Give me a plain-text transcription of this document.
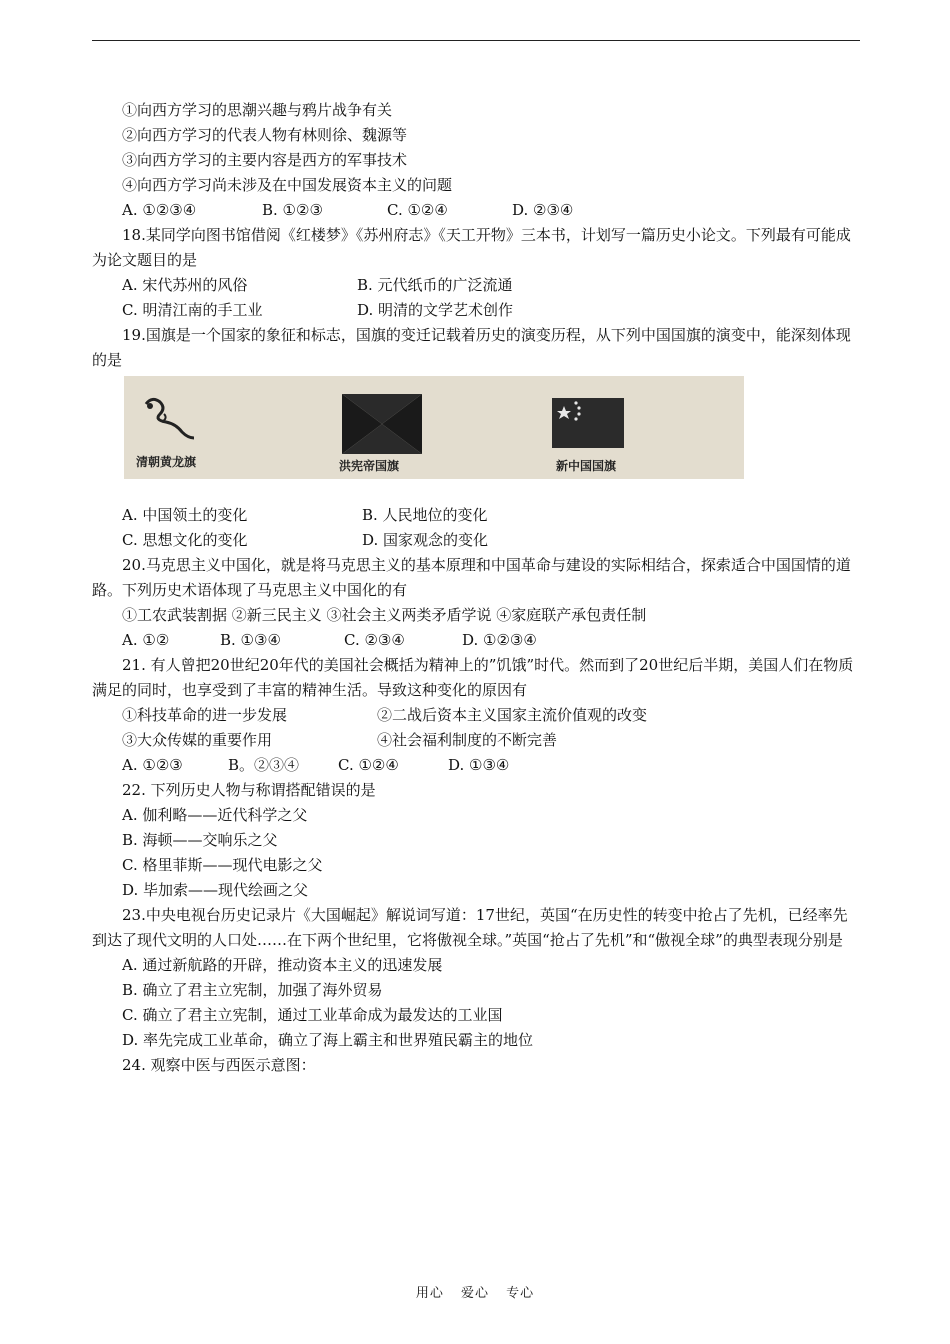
①向西方学习的思潮兴趣与鸦片战争有关
②向西方学习的代表人物有林则徐、魏源等
③向西方学习的主要内容是西方的军事技术
④向西方学习尚未涉及在中国发展资本主义的问题
A. ①②③④	B. ①②③	C. ①②④	D. ②③④
18.某同学向图书馆借阅《红楼梦》《苏州府志》《天工开物》三本书，计划写一篇历史小论文。下列最有可能成为论文题目的是
A. 宋代苏州的风俗	B. 元代纸币的广泛流通
C. 明清江南的手工业	D. 明清的文学艺术创作
19.国旗是一个国家的象征和标志，国旗的变迁记载着历史的演变历程，从下列中国国旗的演变中，能深刻体现的是
清朝黄龙旗	洪宪帝国旗	新中国国旗
A. 中国领土的变化	B. 人民地位的变化
C. 思想文化的变化	D. 国家观念的变化
20.马克思主义中国化，就是将马克思主义的基本原理和中国革命与建设的实际相结合，探索适合中国国情的道路。下列历史术语体现了马克思主义中国化的有
①工农武装割据 ②新三民主义 ③社会主义两类矛盾学说 ④家庭联产承包责任制
A. ①②	B. ①③④	C. ②③④	D. ①②③④
21. 有人曾把20世纪20年代的美国社会概括为精神上的”饥饿”时代。然而到了20世纪后半期，美国人们在物质满足的同时，也享受到了丰富的精神生活。导致这种变化的原因有
①科技革命的进一步发展	②二战后资本主义国家主流价值观的改变
③大众传媒的重要作用	④社会福利制度的不断完善
A. ①②③	B。②③④	C. ①②④	D. ①③④
22. 下列历史人物与称谓搭配错误的是
A. 伽利略——近代科学之父
B. 海顿——交响乐之父
C. 格里菲斯——现代电影之父
D. 毕加索——现代绘画之父
23.中央电视台历史记录片《大国崛起》解说词写道：17世纪，英国“在历史性的转变中抢占了先机，已经率先到达了现代文明的人口处……在下两个世纪里，它将傲视全球。”英国“抢占了先机”和“傲视全球”的典型表现分别是
A. 通过新航路的开辟，推动资本主义的迅速发展
B. 确立了君主立宪制，加强了海外贸易
C. 确立了君主立宪制，通过工业革命成为最发达的工业国
D. 率先完成工业革命，确立了海上霸主和世界殖民霸主的地位
24. 观察中医与西医示意图：
用心 爱心 专心
